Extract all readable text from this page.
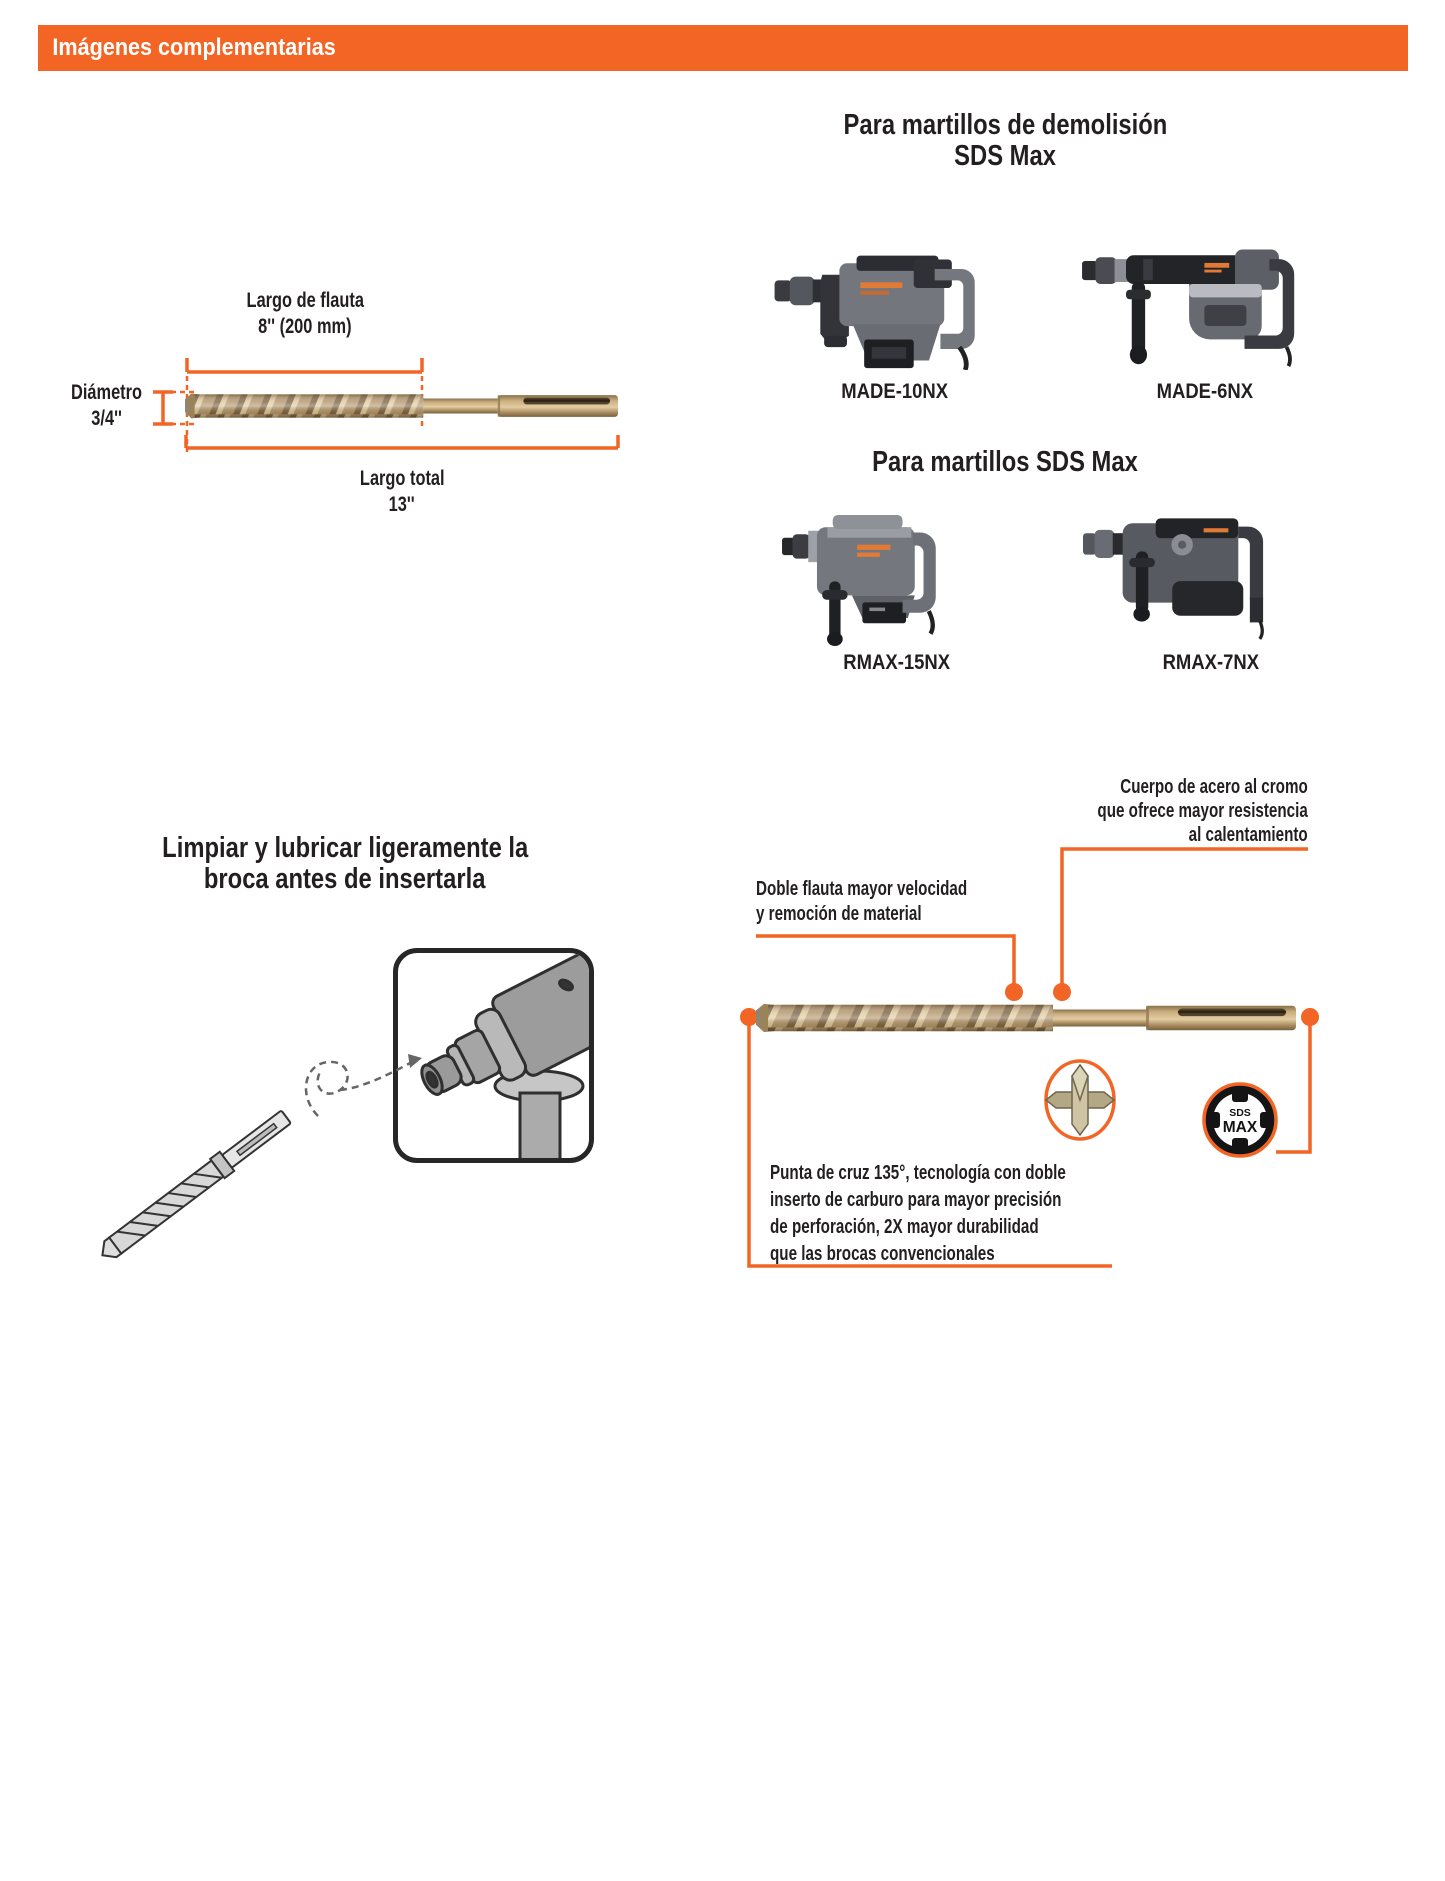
Imágenes complementarias
Largo de flauta
8'' (200 mm)
Diámetro
3/4''
Largo total
13''
Para martillos de demolisión
SDS Max
MADE-10NX	MADE-6NX
Para martillos SDS Max
RMAX-15NX	RMAX-7NX
Limpiar y lubricar ligeramente la
broca antes de insertarla
Cuerpo de acero al cromo
que ofrece mayor resistencia
al calentamiento
Doble flauta mayor velocidad
y remoción de material
Punta de cruz 135°, tecnología con doble
inserto de carburo para mayor precisión
de perforación, 2X mayor durabilidad
que las brocas convencionales
SDS
MAX
